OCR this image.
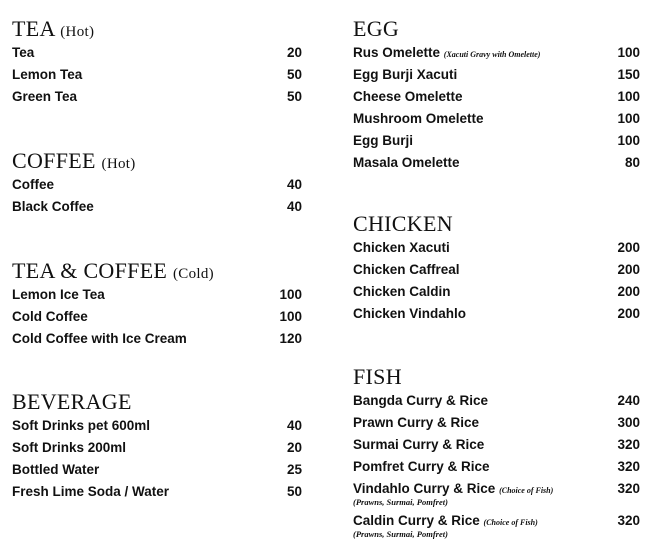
TEA (Hot)
Tea	20
Lemon Tea	50
Green Tea	50
COFFEE (Hot)
Coffee	40
Black Coffee	40
TEA & COFFEE (Cold)
Lemon Ice Tea	100
Cold Coffee	100
Cold Coffee with Ice Cream	120
BEVERAGE
Soft Drinks pet 600ml	40
Soft Drinks 200ml	20
Bottled Water	25
Fresh Lime Soda / Water	50
EGG
Rus Omelette (Xacuti Gravy with Omelette)	100
Egg Burji Xacuti	150
Cheese Omelette	100
Mushroom Omelette	100
Egg Burji	100
Masala Omelette	80
CHICKEN
Chicken Xacuti	200
Chicken Caffreal	200
Chicken Caldin	200
Chicken Vindahlo	200
FISH
Bangda Curry & Rice	240
Prawn Curry & Rice	300
Surmai Curry & Rice	320
Pomfret Curry & Rice	320
Vindahlo Curry & Rice (Choice of Fish)	320
(Prawns, Surmai, Pomfret)
Caldin Curry & Rice (Choice of Fish)	320
(Prawns, Surmai, Pomfret)
